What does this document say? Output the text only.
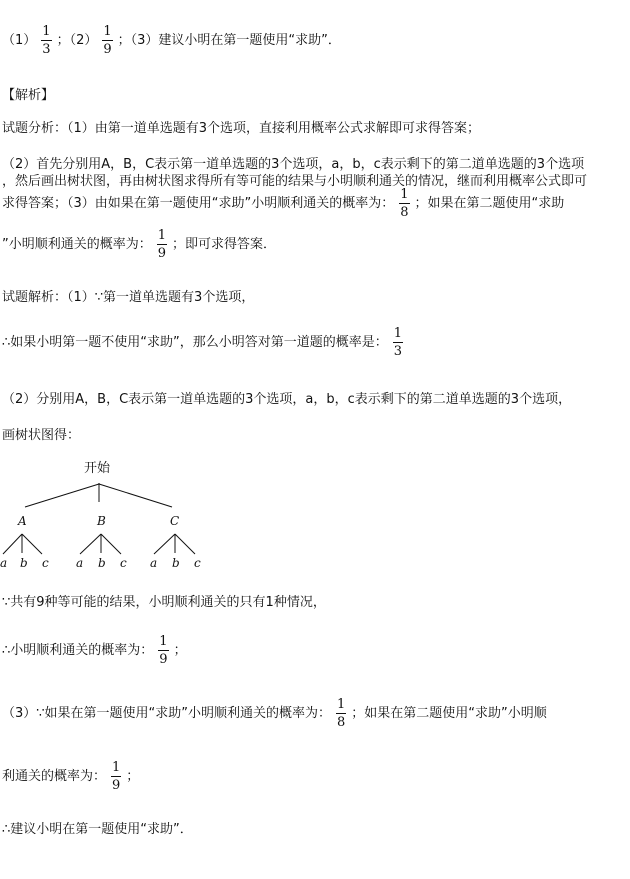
$(1) \frac{1}{3}$ ；$(2) \frac{1}{9}$ ；（3）建议小明在第一题使用“求助”．
【解析】
试题分析：（1）由第一道单选题有3个选项，直接利用概率公式求解即可求得答案；
（2）首先分别用A，B，C表示第一道单选题的3个选项，a，b，c表示剩下的第二道单选题的3个选项
，然后画出树状图，再由树状图求得所有等可能的结果与小明顺利通关的情况，继而利用概率公式即可
求得答案；（3）由如果在第一题使用“求助”小明顺利通关的概率为： $\frac{1}{8}$ ；如果在第二题使用“求助
”小明顺利通关的概率为： $\frac{1}{9}$ ；即可求得答案．
试题解析：（1）∵第一道单选题有3个选项，
∴如果小明第一题不使用“求助”，那么小明答对第一道题的概率是： $\frac{1}{3}$
（2）分别用A，B，C表示第一道单选题的3个选项，a，b，c表示剩下的第二道单选题的3个选项，
画树状图得：
开始
A	B	C
a b c a b c a b c
∵共有9种等可能的结果，小明顺利通关的只有1种情况，
∴小明顺利通关的概率为： $\frac{1}{9}$ ；
（3）∵如果在第一题使用“求助”小明顺利通关的概率为： $\frac{1}{8}$ ；如果在第二题使用“求助”小明顺
利通关的概率为： $\frac{1}{9}$ ；
∴建议小明在第一题使用“求助”．
